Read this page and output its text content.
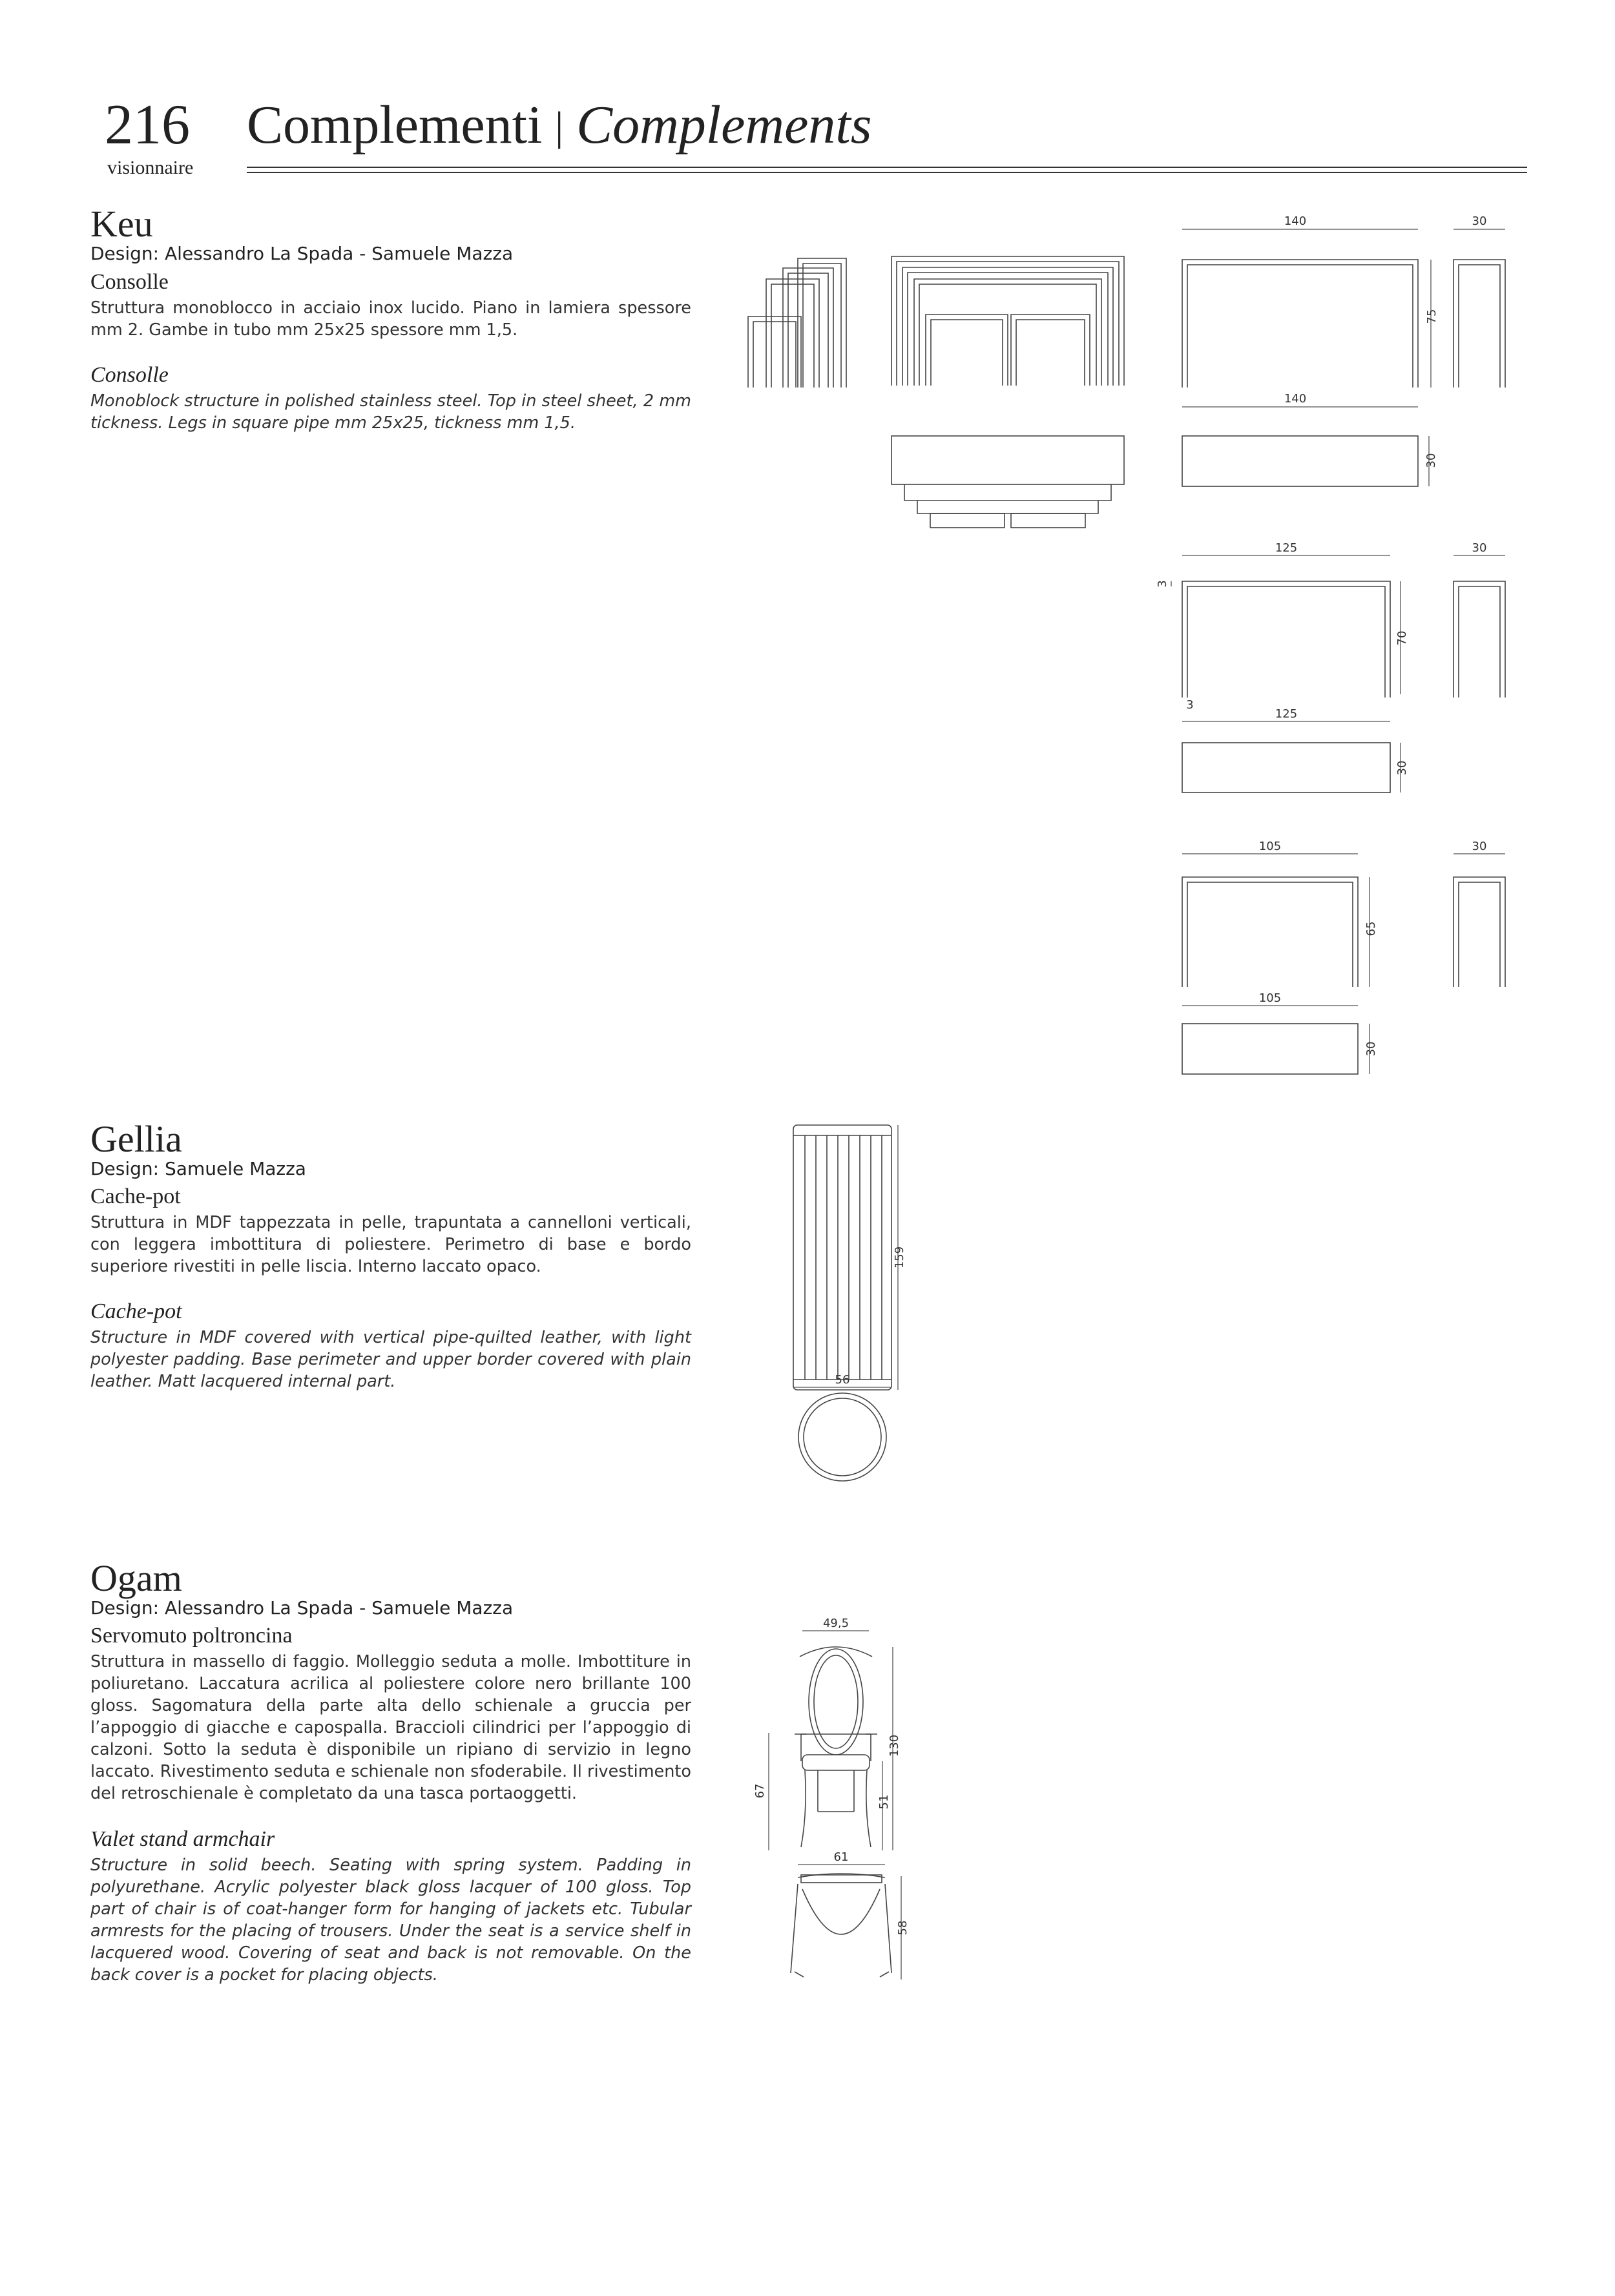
216
visionnaire
Complementi | Complements
Keu
Design: Alessandro La Spada - Samuele Mazza
Consolle
Struttura monoblocco in acciaio inox lucido. Piano in lamiera spessore mm 2. Gambe in tubo mm 25x25 spessore mm 1,5.
Consolle
Monoblock structure in polished stainless steel. Top in steel sheet, 2 mm tickness. Legs in square pipe mm 25x25, tickness mm 1,5.
140
75
30
140
30
125
70
3
3
30
125
30
105
65
30
105
30
Gellia
Design: Samuele Mazza
Cache-pot
Struttura in MDF tappezzata in pelle, trapuntata a cannelloni verticali, con leggera imbottitura di poliestere. Perimetro di base e bordo superiore rivestiti in pelle liscia. Interno laccato opaco.
Cache-pot
Structure in MDF covered with vertical pipe-quilted leather, with light polyester padding. Base perimeter and upper border covered with plain leather. Matt lacquered internal part.
159
56
Ogam
Design: Alessandro La Spada - Samuele Mazza
Servomuto poltroncina
Struttura in massello di faggio. Molleggio seduta a molle. Imbottiture in poliuretano. Laccatura acrilica al poliestere colore nero brillante 100 gloss. Sagomatura della parte alta dello schienale a gruccia per l’appoggio di giacche e capospalla. Braccioli cilindrici per l’appoggio di calzoni. Sotto la seduta è disponibile un ripiano di servizio in legno laccato. Rivestimento seduta e schienale non sfoderabile. Il rivestimento del retroschienale è completato da una tasca portaoggetti.
Valet stand armchair
Structure in solid beech. Seating with spring system. Padding in polyurethane. Acrylic polyester black gloss lacquer of 100 gloss. Top part of chair is of coat-hanger form for hanging of jackets etc. Tubular armrests for the placing of trousers. Under the seat is a service shelf in lacquered wood. Covering of seat and back is not removable. On the back cover is a pocket for placing objects.
49,5
130
51
67
61
58
